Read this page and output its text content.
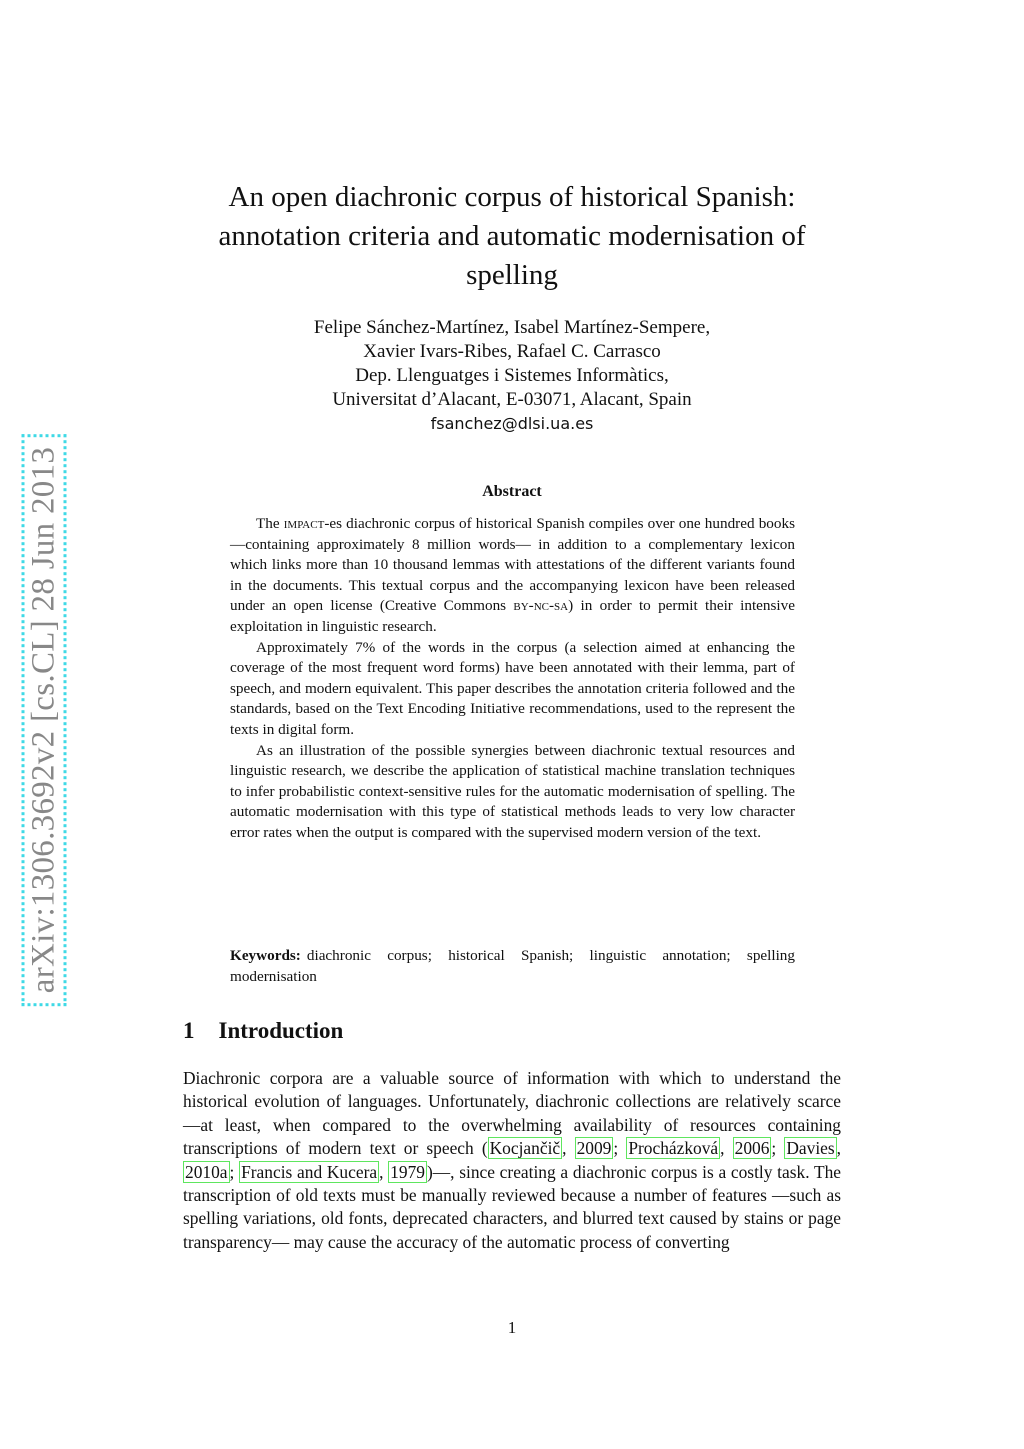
arXiv:1306.3692v2 [cs.CL] 28 Jun 2013
An open diachronic corpus of historical Spanish: annotation criteria and automatic modernisation of spelling
Felipe Sánchez-Martínez, Isabel Martínez-Sempere,
Xavier Ivars-Ribes, Rafael C. Carrasco
Dep. Llenguatges i Sistemes Informàtics,
Universitat d’Alacant, E-03071, Alacant, Spain
fsanchez@dlsi.ua.es
Abstract

The impact-es diachronic corpus of historical Spanish compiles over one hundred books —containing approximately 8 million words— in addition to a complementary lexicon which links more than 10 thousand lemmas with attestations of the different variants found in the documents. This textual corpus and the accompanying lexicon have been released under an open license (Creative Commons by-nc-sa) in order to permit their intensive exploitation in linguistic research.

Approximately 7% of the words in the corpus (a selection aimed at enhancing the coverage of the most frequent word forms) have been annotated with their lemma, part of speech, and modern equivalent. This paper describes the annotation criteria followed and the standards, based on the Text Encoding Initiative recommendations, used to the represent the texts in digital form.

As an illustration of the possible synergies between diachronic textual resources and linguistic research, we describe the application of statistical machine translation techniques to infer probabilistic context-sensitive rules for the automatic modernisation of spelling. The automatic modernisation with this type of statistical methods leads to very low character error rates when the output is compared with the supervised modern version of the text.

Keywords: diachronic corpus; historical Spanish; linguistic annotation; spelling modernisation
1 Introduction

Diachronic corpora are a valuable source of information with which to understand the historical evolution of languages. Unfortunately, diachronic collections are relatively scarce —at least, when compared to the overwhelming availability of resources containing transcriptions of modern text or speech ( Kocjančič , 2009 ; Procházková , 2006 ; Davies , 2010a ; Francis and Kucera , 1979 )—, since creating a diachronic corpus is a costly task. The transcription of old texts must be manually reviewed because a number of features —such as spelling variations, old fonts, deprecated characters, and blurred text caused by stains or page transparency— may cause the accuracy of the automatic process of converting

1
